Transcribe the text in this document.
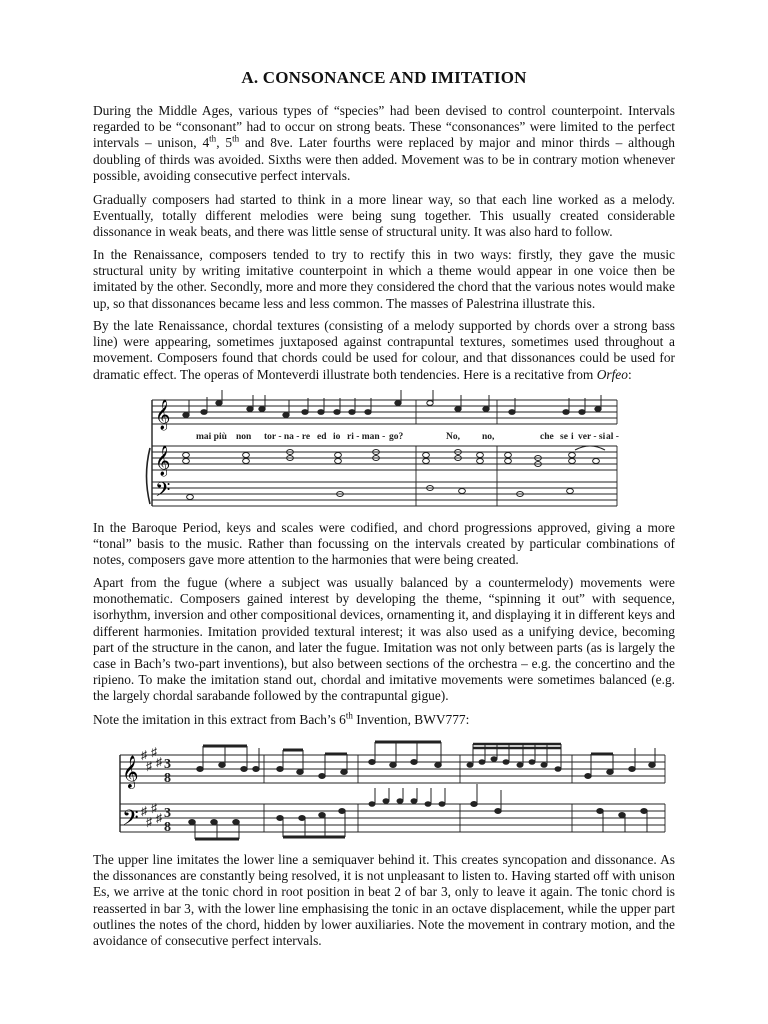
A. CONSONANCE AND IMITATION

During the Middle Ages, various types of “species” had been devised to control counterpoint. Intervals regarded to be “consonant” had to occur on strong beats. These “consonances” were limited to the perfect intervals – unison, 4th, 5th and 8ve. Later fourths were replaced by major and minor thirds – although doubling of thirds was avoided. Sixths were then added. Movement was to be in contrary motion whenever possible, avoiding consecutive perfect intervals.

Gradually composers had started to think in a more linear way, so that each line worked as a melody. Eventually, totally different melodies were being sung together. This usually created considerable dissonance in weak beats, and there was little sense of structural unity. It was also hard to follow.

In the Renaissance, composers tended to try to rectify this in two ways: firstly, they gave the music structural unity by writing imitative counterpoint in which a theme would appear in one voice then be imitated by the other. Secondly, more and more they considered the chord that the various notes would make up, so that dissonances became less and less common. The masses of Palestrina illustrate this.

By the late Renaissance, chordal textures (consisting of a melody supported by chords over a strong bass line) were appearing, sometimes juxtaposed against contrapuntal textures, sometimes used throughout a movement. Composers found that chords could be used for colour, and that dissonances could be used for dramatic effect. The operas of Monteverdi illustrate both tendencies. Here is a recitative from Orfeo:

𝄞
𝄞
𝄢
mai più non tor - na - re ed io ri - man - go?	No, no,	che se i ver - si al -

In the Baroque Period, keys and scales were codified, and chord progressions approved, giving a more “tonal” basis to the music. Rather than focussing on the intervals created by particular combinations of notes, composers gave more attention to the harmonies that were being created.

Apart from the fugue (where a subject was usually balanced by a countermelody) movements were monothematic. Composers gained interest by developing the theme, “spinning it out” with sequence, isorhythm, inversion and other compositional devices, ornamenting it, and displaying it in different keys and different harmonies. Imitation provided textural interest; it was also used as a unifying device, becoming part of the structure in the canon, and later the fugue. Imitation was not only between parts (as is largely the case in Bach’s two-part inventions), but also between sections of the orchestra – e.g. the concertino and the ripieno. To make the imitation stand out, chordal and imitative movements were sometimes balanced (e.g. the largely chordal sarabande followed by the contrapuntal gigue).

Note the imitation in this extract from Bach’s 6th Invention, BWV777:

𝄞
𝄢
♯
♯
♯
♯
♯
♯
♯
♯
3
8
3
8

The upper line imitates the lower line a semiquaver behind it. This creates syncopation and dissonance. As the dissonances are constantly being resolved, it is not unpleasant to listen to. Having started off with unison Es, we arrive at the tonic chord in root position in beat 2 of bar 3, only to leave it again. The tonic chord is reasserted in bar 3, with the lower line emphasising the tonic in an octave displacement, while the upper part outlines the notes of the chord, hidden by lower auxiliaries. Note the movement in contrary motion, and the avoidance of consecutive perfect intervals.
